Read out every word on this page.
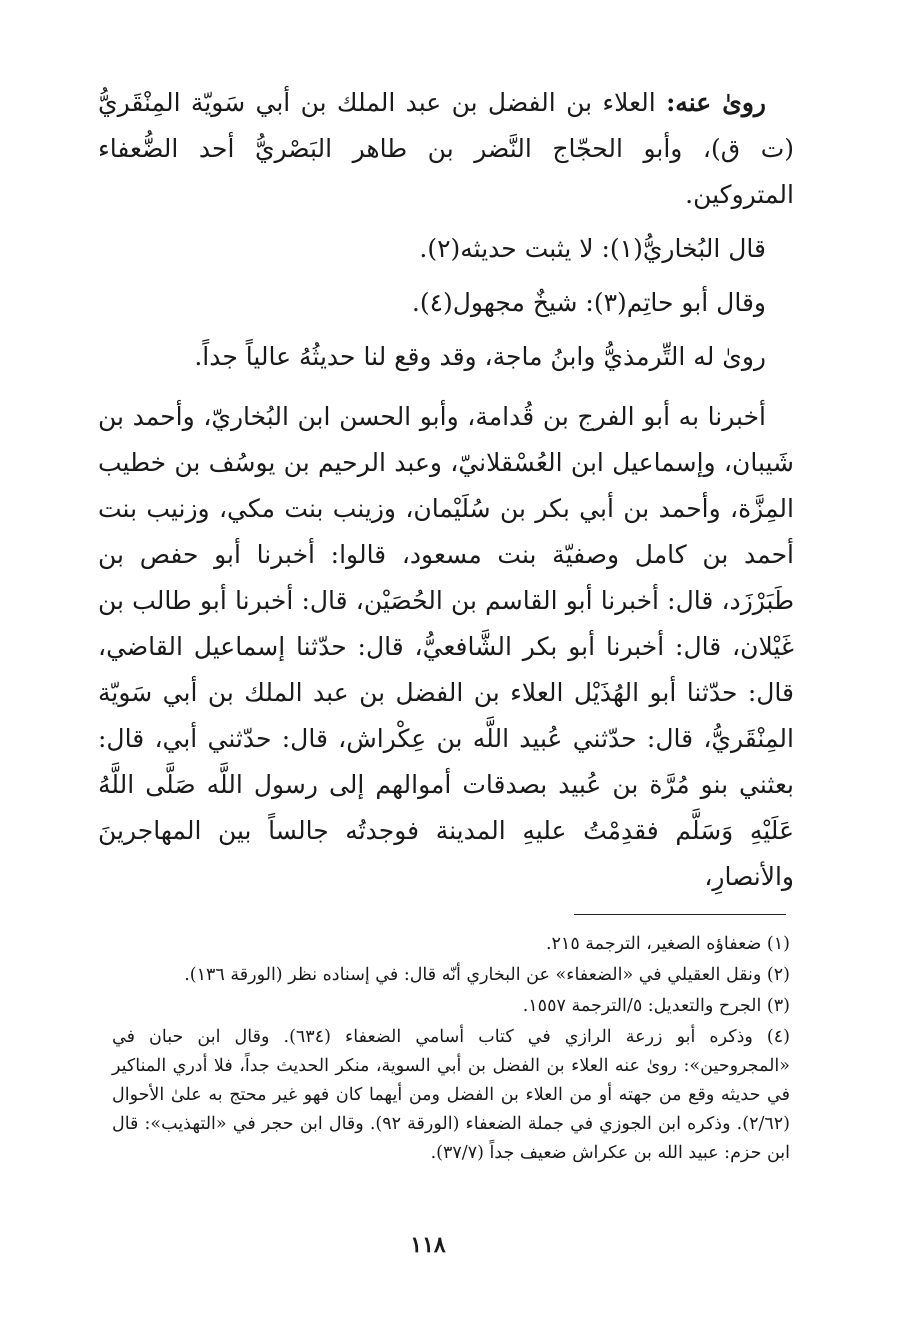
روىٰ عنه: العلاء بن الفضل بن عبد الملك بن أبي سَويّة المِنْقَريُّ (ت ق)، وأبو الحجّاج النَّضر بن طاهر البَصْريُّ أحد الضُّعفاء المتروكين.

قال البُخاريُّ(١): لا يثبت حديثه(٢).

وقال أبو حاتِم(٣): شيخٌ مجهول(٤).

روىٰ له التِّرمذيُّ وابنُ ماجة، وقد وقع لنا حديثُهُ عالياً جداً.

أخبرنا به أبو الفرج بن قُدامة، وأبو الحسن ابن البُخاريّ، وأحمد بن شَيبان، وإسماعيل ابن العُسْقلانيّ، وعبد الرحيم بن يوسُف بن خطيب المِزَّة، وأحمد بن أبي بكر بن سُلَيْمان، وزينب بنت مكي، وزنيب بنت أحمد بن كامل وصفيّة بنت مسعود، قالوا: أخبرنا أبو حفص بن طَبَرْزَد، قال: أخبرنا أبو القاسم بن الحُصَيْن، قال: أخبرنا أبو طالب بن غَيْلان، قال: أخبرنا أبو بكر الشَّافعيُّ، قال: حدّثنا إسماعيل القاضي، قال: حدّثنا أبو الهُذَيْل العلاء بن الفضل بن عبد الملك بن أبي سَويّة المِنْقَريُّ، قال: حدّثني عُبيد اللَّه بن عِكْراش، قال: حدّثني أبي، قال: بعثني بنو مُرَّة بن عُبيد بصدقات أموالهم إلى رسول اللَّه صَلَّى اللَّهُ عَلَيْهِ وَسَلَّم فقدِمْتُ عليهِ المدينة فوجدتُه جالساً بين المهاجرينَ والأنصارِ،

(١) ضعفاؤه الصغير، الترجمة ٢١٥.

(٢) ونقل العقيلي في «الضعفاء» عن البخاري أنّه قال: في إسناده نظر (الورقة ١٣٦).

(٣) الجرح والتعديل: ٥/الترجمة ١٥٥٧.

(٤) وذكره أبو زرعة الرازي في كتاب أسامي الضعفاء (٦٣٤). وقال ابن حبان في «المجروحين»: روىٰ عنه العلاء بن الفضل بن أبي السوية، منكر الحديث جداً، فلا أدري المناكير في حديثه وقع من جهته أو من العلاء بن الفضل ومن أيهما كان فهو غير محتج به علىٰ الأحوال (٢/٦٢). وذكره ابن الجوزي في جملة الضعفاء (الورقة ٩٢). وقال ابن حجر في «التهذيب»: قال ابن حزم: عبيد الله بن عكراش ضعيف جداً (٣٧/٧).

١١٨
